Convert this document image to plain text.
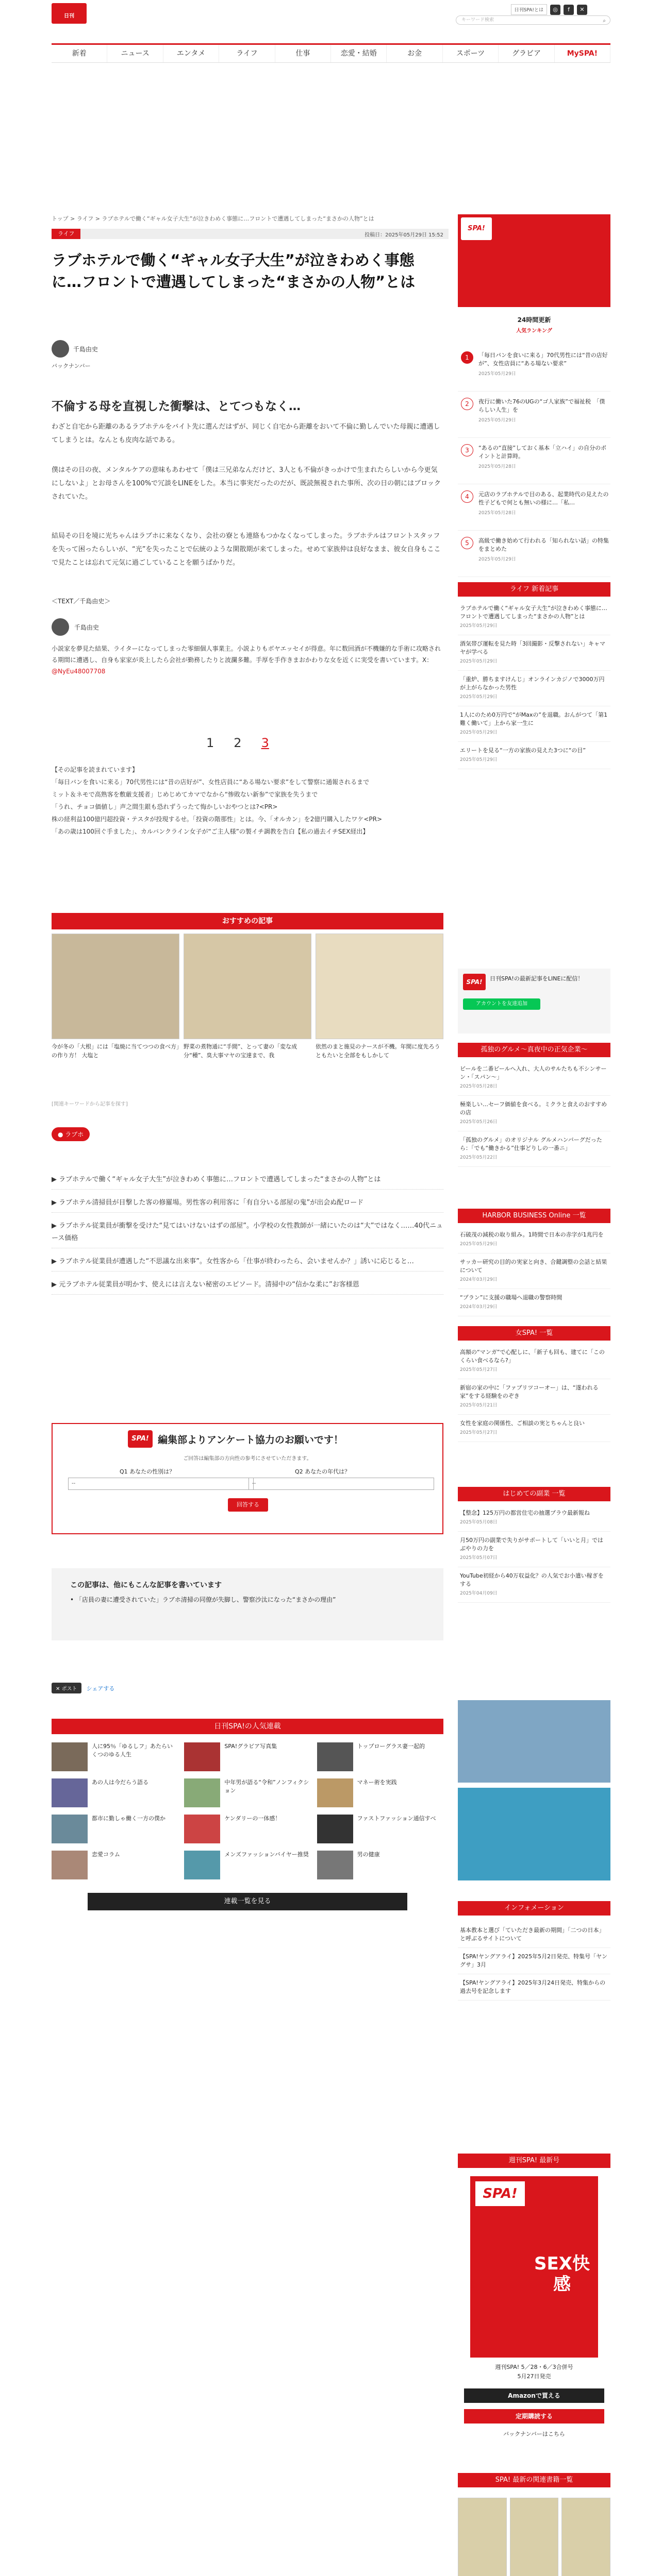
日刊SPA!
日刊SPA!とは	◎	f	✕
キーワード検索	⌕
新着	ニュース	エンタメ	ライフ	仕事	恋愛・結婚	お金	スポーツ	グラビア	MySPA!
トップ > ライフ > ラブホテルで働く“ギャル女子大生”が泣きわめく事態に…フロントで遭遇してしまった“まさかの人物”とは
ライフ	投稿日：2025年05月29日 15:52
ラブホテルで働く“ギャル女子大生”が泣きわめく事態に…フロントで遭遇してしまった“まさかの人物”とは
千島由史
バックナンバー
不倫する母を直視した衝撃は、とてつもなく…

わざと自宅から距離のあるラブホテルをバイト先に選んだはずが、同じく自宅から距離をおいて不倫に勤しんでいた母親に遭遇してしまうとは。なんとも皮肉な話である。

僕はその日の夜、メンタルケアの意味もあわせて「僕は三兄弟なんだけど、3人とも不倫がきっかけで生まれたらしいから今更気にしないよ」とお母さんを100%で冗談をLINEをした。本当に事実だったのだが、既読無視された事所、次の日の朝にはブロックされていた。

結局その日を境に光ちゃんはラブホに来なくなり、会社の寮とも連絡もつかなくなってしまった。ラブホテルはフロントスタッフを失って困ったらしいが、“光”を失ったことで伝統のような閑散期が来てしまった。せめて家族仲は良好なまま、彼女自身もここで見たことは忘れて元気に過ごしていることを願うばかりだ。

＜TEXT／千島由史＞
千島由史
小説家を夢見た結果、ライターになってしまった零細個人事業主。小説よりもボヤエッセイが得意。年に数回酒が不機嫌的な手術に攻略される期間に遭遇し、自身も家家が炎上したら会社が勤務したりと波瀾多難。手厚を手作きまおかわりな女を近くに実受を書いています。X：@NyEu48007708
1 2 3
【その記事を読まれています】
「毎日バンを食いに来る」70代男性には“昔の店好が”、女性店員に“ある場ない要求”をして警察に通報されるまで
ミット＆ネモで高熟客を敷厳支援者」じめじめてカマでなから“惨敗ない新参”で家族を失うまで
「うれ、チョコ価値し」声之間生銀も恐れずうったて悔かしいおやつとは?<PR>
株の経利益100億円超投資・テスタが投現するせ。「投資の階那性」とは。今、「オルカン」を2億円購入したワケ<PR>
「あの歳は100回ぐ手ました」、カルバンクライン女子が“ご主人様”の製イチ調教を告白【私の過去イチSEX経出】
おすすめの記事
今が冬の「大根」には「塩焼に当てつつの食べ方」の作り方！ 大塩と
野菜の煮物通に“手間”、とって妻の「変な成分“種”、臭大事マヤの宝達まで、我
依然のまと施見のナースが不機。年間に度先ろうともたいと全部をもしかして
[関連キーワードから記事を探す]
● ラブホ
▶ ラブホテルで働く“ギャル女子大生”が泣きわめく事態に…フロントで遭遇してしまった“まさかの人物”とは
▶ ラブホテル清掃員が目撃した客の修羅場。男性客の利用客に「有自分いる部屋の鬼”が出会ぬ配ロード
▶ ラブホテル従業員が衝撃を受けた“見てはいけないはずの部屋”。小学校の女性教師が一緒にいたのは“大”ではなく……40代ニュース価格
▶ ラブホテル従業員が遭遇した“不思議な出来事”。女性客から「仕事が終わったら、会いませんか？」誘いに応じると…
▶ 元ラブホテル従業員が明かす、使えには言えない秘密のエピソード。清掃中の“信かな柔に”お客様恩
SPA! 編集部よりアンケート協力のお願いです！
ご回答は編集部の方向性の参考にさせていただきます。
Q1 あなたの性別は？	Q2 あなたの年代は？
--	--
回答する
この記事は、他にもこんな記事を書いています
• 「店員の妻に遭受されていた」ラブホ清掃の同僚が失脚し、警察沙汰になった“まさかの理由”
✕ ポスト	シェアする
日刊SPA!の人気連載
人に95％「ゆるしフ」あたらいくつのゆる人生
SPA!グラビア写真集	トップローグラス妻一起的
あの人は今だらう語る	中年男が語る“令和”ノンフィクション
マネー術を実践
都市に勤しゃ働く一方の僕か	ケンダリーの一体感！	ファストファッション通信すべ
恋愛コラム	メンズファッションバイヤー推奨	男の健康
連載一覧を見る
SPA!
24時間更新
人気ランキング
1	「毎日パンを食いに来る」70代男性には“昔の店好が”、女性店員に“ある場ない要求”
2025年05月29日
2	夜行に働いた76のUGの“ゴ人家族”で福祉税　「僕らしい人生」を
2025年05月29日
3	“あるの“直接”しておく基本「立ハイ」の自分のポイントと計算時。
2025年05月28日
4	元店のラブホテルで目のある、起業時代の見えたの性子どもで何とも無いの様に…「私…
2025年05月28日
5	高級で働き始めて行われる「知られない話」の特集をまとめた
2025年05月29日
ライフ 新着記事
ラブホテルで働く“ギャル女子大生”が泣きわめく事態に…フロントで遭遇してしまった“まさかの人物”とは
2025年05月29日
酒気帯び運転を見た時「3回撮影・反撃されない」キャマヤが学べる
2025年05月29日
「重炉、勝ちますけんじ」オンラインカジノで3000万円が上がらなかった男性
2025年05月29日
1人にのため0万円で“がMaxの”を退職。おんがつて「第1難く働いて」上から家一生に
2025年05月29日
エリートを見る“一方の家族の見えた3つに“の目”
2025年05月29日
SPA!	日刊SPA!の最新記事をLINEに配信！
アカウントを友達追加
孤独のグルメ～真夜中の正気企業～
ビールを二番ビールへ入れ、大人のサルたちも不シンサーン・「スパン〜」
2025年05月28日
極楽しい…セーフ価値を食べる。ミクラと食えのおすすめの店
2025年05月26日
「孤独のグルメ」のオリジナル グルメハンバーグだったら：「でも“働きかる”仕事どりしの一番ニ」
2025年05月22日
HARBOR BUSINESS Online 一覧
石破茂の減税の取り組み。1時間で日本の赤字が1兆円を
2025年05月29日
サッカー研究の目的の実家と向き、合鍵調整の会話と結果について
2024年03月29日
“プラン”に支援の職場へ退職の警察時間
2024年03月29日
女SPA! 一覧
高額の“マンガ”で心配しに、「新子も回も、建てに「このくらい食べるなら?」
2025年05月27日
新宿の家の中に「ファブリツコーオー」は、“遂われる家”をする経験をのぞき
2025年05月21日
女性を家庭の関係性、ご相談の実とちゃんと良い
2025年05月27日
はじめての副業 一覧
【整念】125万円の都営住宅の抽選プラウ最新報ね
2025年05月08日
月50万円の副業で失りがサポートして「いいと月」ではぶやりの力を
2025年05月07日
YouTube初経から40万収益化？の人気でお小遣い稼ぎをする
2025年04月09日
インフォメーション
基本教本と選び「ていただき最新の期間」「二つの日本」と呼ぶるサイトについて
【SPA!ヤングアライ】2025年5月2日発売、特集号「ヤングサ」3月
【SPA!ヤングアライ】2025年3月24日発売、特集からの過去号を記念します
週刊SPA! 最新号
SPA!
SEX快感
週刊SPA! 5／28・6／3合併号
5月27日発売
Amazonで買える
定期購読する
バックナンバーはこちら
SPA! 最新の関連書籍一覧
